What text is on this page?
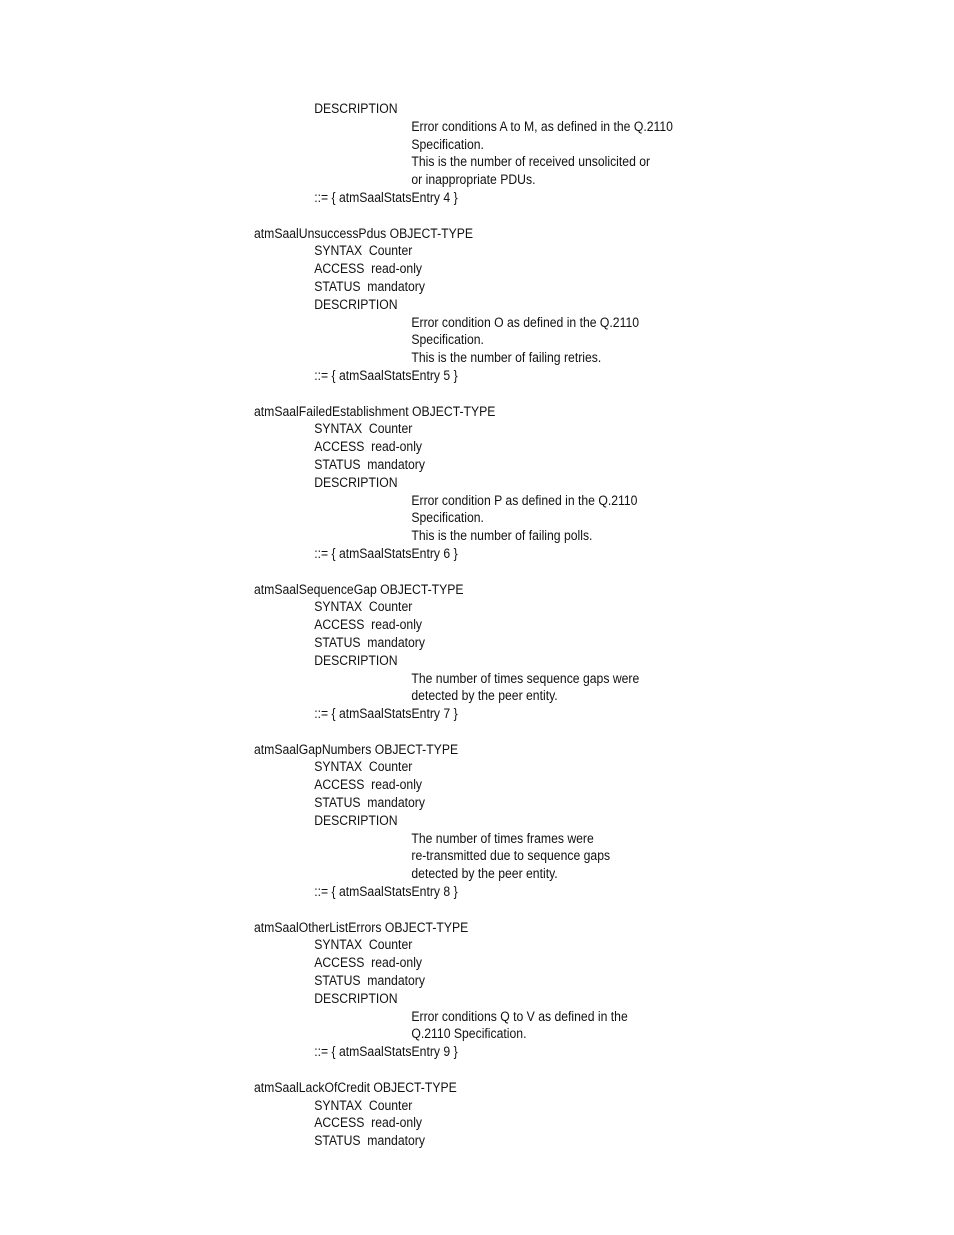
DESCRIPTION
Error conditions A to M, as defined in the Q.2110
Specification.
This is the number of received unsolicited or
or inappropriate PDUs.
::= { atmSaalStatsEntry 4 }
atmSaalUnsuccessPdus OBJECT-TYPE
SYNTAX  Counter
ACCESS  read-only
STATUS  mandatory
DESCRIPTION
Error condition O as defined in the Q.2110
Specification.
This is the number of failing retries.
::= { atmSaalStatsEntry 5 }
atmSaalFailedEstablishment OBJECT-TYPE
SYNTAX  Counter
ACCESS  read-only
STATUS  mandatory
DESCRIPTION
Error condition P as defined in the Q.2110
Specification.
This is the number of failing polls.
::= { atmSaalStatsEntry 6 }
atmSaalSequenceGap OBJECT-TYPE
SYNTAX  Counter
ACCESS  read-only
STATUS  mandatory
DESCRIPTION
The number of times sequence gaps were
detected by the peer entity.
::= { atmSaalStatsEntry 7 }
atmSaalGapNumbers OBJECT-TYPE
SYNTAX  Counter
ACCESS  read-only
STATUS  mandatory
DESCRIPTION
The number of times frames were
re-transmitted due to sequence gaps
detected by the peer entity.
::= { atmSaalStatsEntry 8 }
atmSaalOtherListErrors OBJECT-TYPE
SYNTAX  Counter
ACCESS  read-only
STATUS  mandatory
DESCRIPTION
Error conditions Q to V as defined in the
Q.2110 Specification.
::= { atmSaalStatsEntry 9 }
atmSaalLackOfCredit OBJECT-TYPE
SYNTAX  Counter
ACCESS  read-only
STATUS  mandatory
